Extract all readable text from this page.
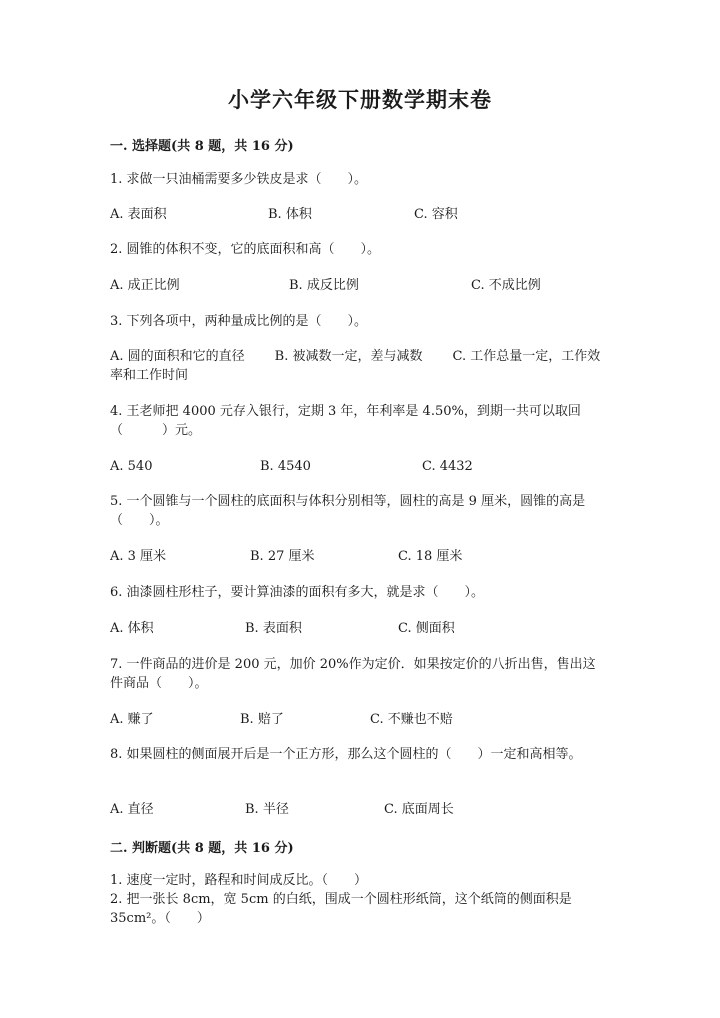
小学六年级下册数学期末卷
一. 选择题(共 8 题，共 16 分)
1. 求做一只油桶需要多少铁皮是求（　　）。
A. 表面积	B. 体积	C. 容积
2. 圆锥的体积不变，它的底面积和高（　　）。
A. 成正比例	B. 成反比例	C. 不成比例
3. 下列各项中，两种量成比例的是（　　）。
A. 圆的面积和它的直径 B. 被减数一定，差与减数 C. 工作总量一定，工作效率和工作时间
4. 王老师把 4000 元存入银行，定期 3 年，年利率是 4.50%，到期一共可以取回（　　　）元。
A. 540	B. 4540	C. 4432
5. 一个圆锥与一个圆柱的底面积与体积分别相等，圆柱的高是 9 厘米，圆锥的高是（　　）。
A. 3 厘米	B. 27 厘米	C. 18 厘米
6. 油漆圆柱形柱子，要计算油漆的面积有多大，就是求（　　）。
A. 体积	B. 表面积	C. 侧面积
7. 一件商品的进价是 200 元，加价 20%作为定价．如果按定价的八折出售，售出这件商品（　　）。
A. 赚了	B. 赔了	C. 不赚也不赔
8. 如果圆柱的侧面展开后是一个正方形，那么这个圆柱的（　　）一定和高相等。
A. 直径	B. 半径	C. 底面周长
二. 判断题(共 8 题，共 16 分)
1. 速度一定时，路程和时间成反比。（　　）
2. 把一张长 8cm，宽 5cm 的白纸，围成一个圆柱形纸筒，这个纸筒的侧面积是 35cm²。（　　）
